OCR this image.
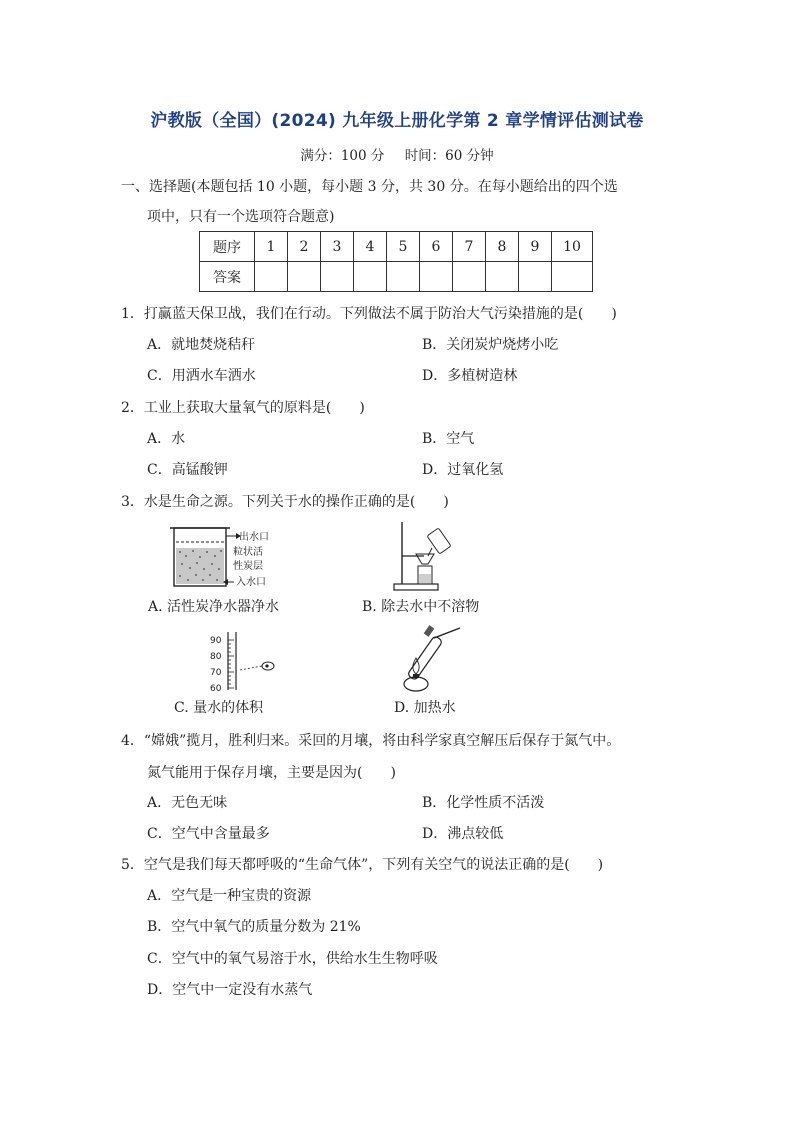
沪教版（全国）(2024) 九年级上册化学第 2 章学情评估测试卷
满分：100 分 时间：60 分钟
一、选择题(本题包括 10 小题，每小题 3 分，共 30 分。在每小题给出的四个选
项中，只有一个选项符合题意)
题序	1	2	3	4	5	6	7	8	9	10
答案										
1．打赢蓝天保卫战，我们在行动。下列做法不属于防治大气污染措施的是(　　)
A．就地焚烧秸秆	B．关闭炭炉烧烤小吃
C．用洒水车洒水	D．多植树造林
2．工业上获取大量氧气的原料是(　　)
A．水	B．空气
C．高锰酸钾	D．过氧化氢
3．水是生命之源。下列关于水的操作正确的是(　　)
出水口
粒状活
性炭层
入水口
A. 活性炭净水器净水	B. 除去水中不溶物
90
80
70
60
C. 量水的体积	D. 加热水
4．“嫦娥”揽月，胜利归来。采回的月壤，将由科学家真空解压后保存于氮气中。
氮气能用于保存月壤，主要是因为(　　)
A．无色无味	B．化学性质不活泼
C．空气中含量最多	D．沸点较低
5．空气是我们每天都呼吸的“生命气体”，下列有关空气的说法正确的是(　　)
A．空气是一种宝贵的资源
B．空气中氧气的质量分数为 21%
C．空气中的氧气易溶于水，供给水生生物呼吸
D．空气中一定没有水蒸气
